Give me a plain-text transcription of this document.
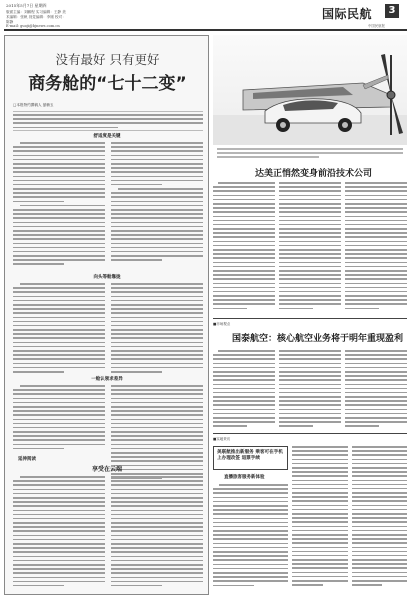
2015年5月7日 星期四
版面主编：刘鹏程 实习编辑：王静 美术编辑：张帆 视觉编辑：李刚 校对：陈静
E-mail: guoji@bjnews.com.cn
国际民航	3
中国民航报
没有最好 只有更好
商务舱的“七十二变”
□本报特约撰稿人 晏楠玉
舒适度是关键
向头等舱靠拢
一舱认领求差异
延伸阅读
享受在云端
达美正悄然变身前沿技术公司
■市场观点
国泰航空：核心航空业务将于明年重现盈利
■实地采访
美联航推出新服务 乘客可在手机上办理改签 退票手续
直播旅客服务新体验
